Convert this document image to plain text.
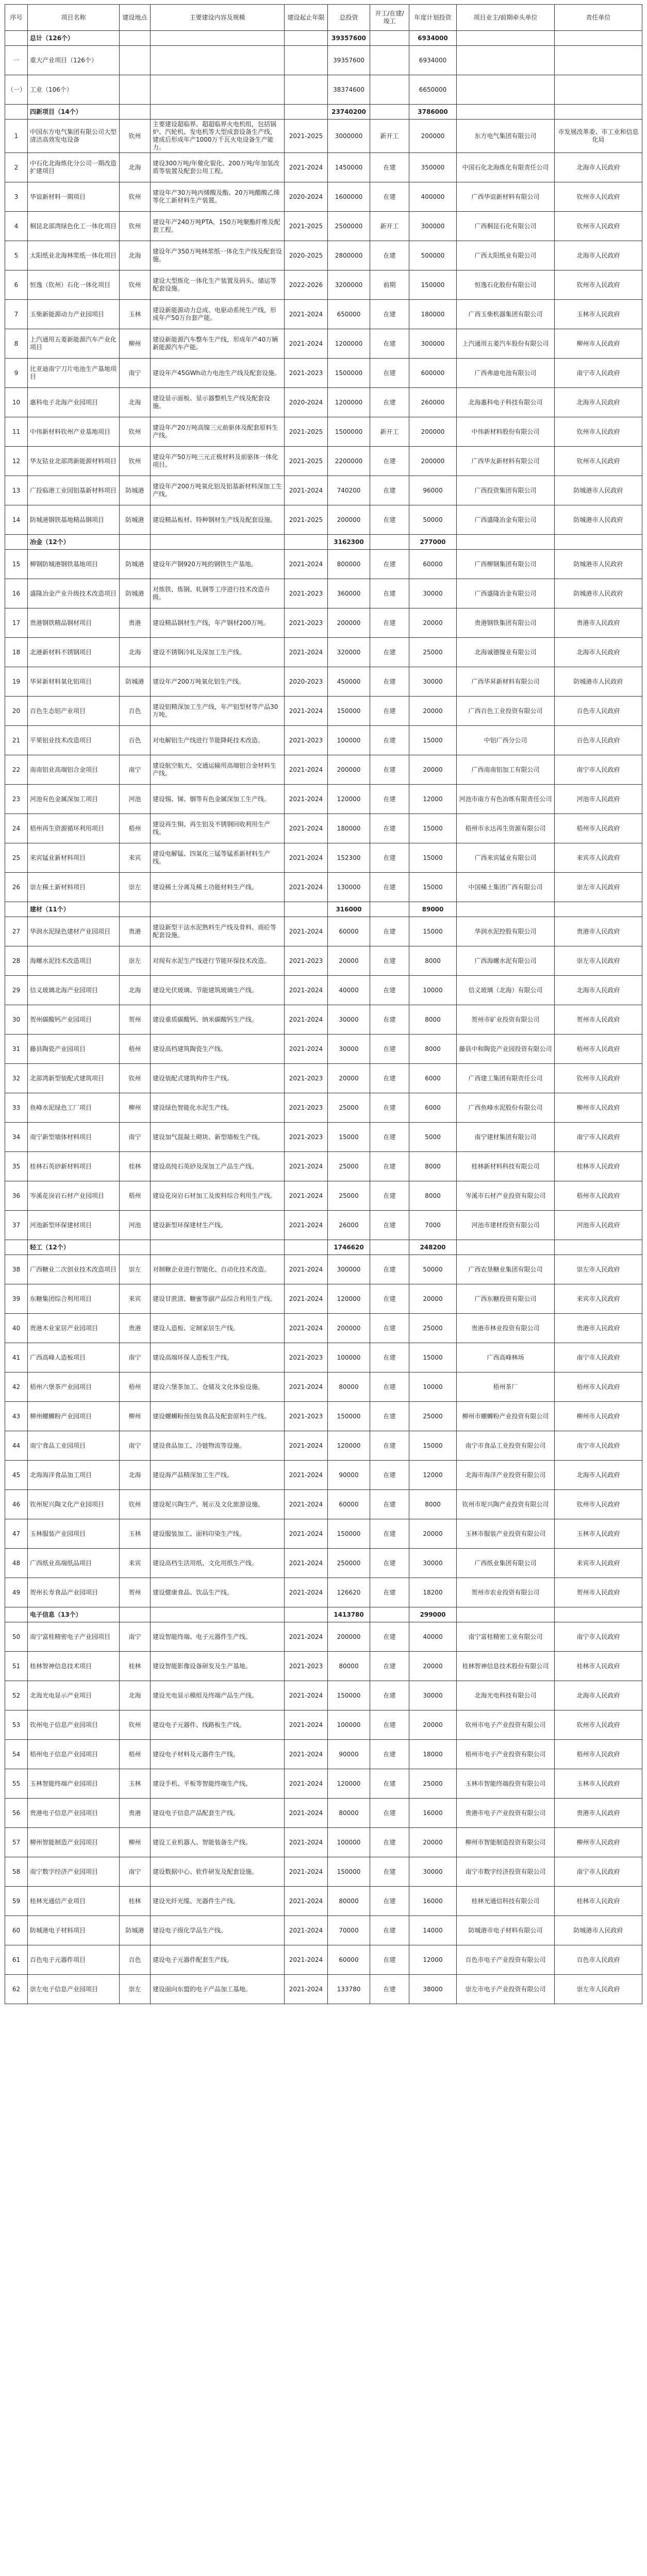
序号	项目名称	建设地点	主要建设内容及规模	建设起止年限	总投资	开工/在建/竣工	年度计划投资	项目业主/前期牵头单位	责任单位
	总计（126个）				39357600		6934000		
一	重大产业项目（126个）				39357600		6934000		
（一）	工业（106个）				38374600		6650000		
	四新项目（14个）				23740200		3786000		
1	中国东方电气集团有限公司大型清洁高效发电设备	钦州	主要建设超临界、超超临界火电机组，包括锅炉、汽轮机、发电机等大型成套设备生产线，建成后形成年产1000万千瓦火电设备生产能力。	2021-2025	3000000	新开工	200000	东方电气集团有限公司	市发展改革委、市工业和信息化局
2	中石化北海炼化分公司一期改造扩建项目	北海	建设300万吨/年催化裂化、200万吨/年加氢改质等装置及配套公用工程。	2021-2024	1450000	在建	350000	中国石化北海炼化有限责任公司	北海市人民政府
3	华谊新材料一期项目	钦州	建设年产30万吨丙烯酸及酯、20万吨醋酸乙烯等化工新材料生产装置。	2020-2024	1600000	在建	400000	广西华谊新材料有限公司	钦州市人民政府
4	桐昆北部湾绿色化工一体化项目	钦州	建设年产240万吨PTA、150万吨聚酯纤维及配套工程。	2021-2025	2500000	新开工	300000	广西桐昆石化有限公司	钦州市人民政府
5	太阳纸业北海林浆纸一体化项目	北海	建设年产350万吨林浆纸一体化生产线及配套设施。	2020-2025	2800000	在建	500000	广西太阳纸业有限公司	北海市人民政府
6	恒逸（钦州）石化一体化项目	钦州	建设大型炼化一体化生产装置及码头、储运等配套设施。	2022-2026	3200000	前期	150000	恒逸石化股份有限公司	钦州市人民政府
7	玉柴新能源动力产业园项目	玉林	建设新能源动力总成、电驱动系统生产线，形成年产50万台套产能。	2021-2024	650000	在建	180000	广西玉柴机器集团有限公司	玉林市人民政府
8	上汽通用五菱新能源汽车产业化项目	柳州	建设新能源汽车整车生产线，形成年产40万辆新能源汽车产能。	2021-2024	1200000	在建	300000	上汽通用五菱汽车股份有限公司	柳州市人民政府
9	比亚迪南宁刀片电池生产基地项目	南宁	建设年产45GWh动力电池生产线及配套设施。	2021-2023	1500000	在建	600000	广西弗迪电池有限公司	南宁市人民政府
10	惠科电子北海产业园项目	北海	建设显示面板、显示器整机生产线及配套设施。	2020-2024	1200000	在建	260000	北海惠科电子科技有限公司	北海市人民政府
11	中伟新材料钦州产业基地项目	钦州	建设年产20万吨高镍三元前驱体及配套原料生产线。	2021-2025	1500000	新开工	200000	中伟新材料股份有限公司	钦州市人民政府
12	华友钴业北部湾新能源材料项目	钦州	建设年产50万吨三元正极材料及前驱体一体化项目。	2021-2025	2200000	在建	200000	广西华友新材料有限公司	钦州市人民政府
13	广投临港工业园铝基新材料项目	防城港	建设年产200万吨氧化铝及铝基新材料深加工生产线。	2021-2024	740200	在建	96000	广西投资集团有限公司	防城港市人民政府
14	防城港钢铁基地精品钢项目	防城港	建设精品板材、特种钢材生产线及配套设施。	2021-2025	200000	在建	50000	广西盛隆冶金有限公司	防城港市人民政府
	冶金（12个）				3162300		277000		
15	柳钢防城港钢铁基地项目	防城港	建设年产钢920万吨的钢铁生产基地。	2021-2024	800000	在建	60000	广西柳钢集团有限公司	防城港市人民政府
16	盛隆冶金产业升级技术改造项目	防城港	对炼铁、炼钢、轧钢等工序进行技术改造升级。	2021-2023	360000	在建	30000	广西盛隆冶金有限公司	防城港市人民政府
17	贵港钢铁精品钢材项目	贵港	建设精品钢材生产线，年产钢材200万吨。	2021-2023	200000	在建	20000	贵港钢铁集团有限公司	贵港市人民政府
18	北港新材料不锈钢项目	北海	建设不锈钢冷轧及深加工生产线。	2021-2024	320000	在建	25000	北海诚德镍业有限公司	北海市人民政府
19	华昇新材料氧化铝项目	防城港	建设年产200万吨氧化铝生产线。	2020-2023	450000	在建	30000	广西华昇新材料有限公司	防城港市人民政府
20	百色生态铝产业项目	百色	建设铝精深加工生产线，年产铝型材等产品30万吨。	2021-2024	150000	在建	20000	广西百色工业投资有限公司	百色市人民政府
21	平果铝业技术改造项目	百色	对电解铝生产线进行节能降耗技术改造。	2021-2023	100000	在建	15000	中铝广西分公司	百色市人民政府
22	南南铝业高端铝合金项目	南宁	建设航空航天、交通运输用高端铝合金材料生产线。	2021-2024	200000	在建	20000	广西南南铝加工有限公司	南宁市人民政府
23	河池有色金属深加工项目	河池	建设锡、锑、铟等有色金属深加工生产线。	2021-2024	120000	在建	12000	河池市南方有色冶炼有限责任公司	河池市人民政府
24	梧州再生资源循环利用项目	梧州	建设再生铜、再生铝及不锈钢回收利用生产线。	2021-2024	180000	在建	15000	梧州市永达再生资源有限公司	梧州市人民政府
25	来宾锰业新材料项目	来宾	建设电解锰、四氧化三锰等锰系新材料生产线。	2021-2024	152300	在建	15000	广西来宾锰业有限公司	来宾市人民政府
26	崇左稀土新材料项目	崇左	建设稀土分离及稀土功能材料生产线。	2021-2024	130000	在建	15000	中国稀土集团广西有限公司	崇左市人民政府
	建材（11个）				316000		89000		
27	华润水泥绿色建材产业园项目	贵港	建设新型干法水泥熟料生产线及骨料、商砼等配套设施。	2021-2024	60000	在建	15000	华润水泥控股有限公司	贵港市人民政府
28	海螺水泥技术改造项目	崇左	对现有水泥生产线进行节能环保技术改造。	2021-2023	20000	在建	8000	广西海螺水泥有限公司	崇左市人民政府
29	信义玻璃北海产业园项目	北海	建设光伏玻璃、节能建筑玻璃生产线。	2021-2024	40000	在建	10000	信义玻璃（北海）有限公司	北海市人民政府
30	贺州碳酸钙产业园项目	贺州	建设重质碳酸钙、纳米碳酸钙生产线。	2021-2024	30000	在建	8000	贺州市矿业投资有限公司	贺州市人民政府
31	藤县陶瓷产业园项目	梧州	建设高档建筑陶瓷生产线。	2021-2024	30000	在建	8000	藤县中和陶瓷产业园投资有限公司	梧州市人民政府
32	北部湾新型装配式建筑项目	钦州	建设装配式建筑构件生产线。	2021-2023	20000	在建	6000	广西建工集团有限责任公司	钦州市人民政府
33	鱼峰水泥绿色工厂项目	柳州	建设绿色智能化水泥生产线。	2021-2023	25000	在建	6000	广西鱼峰水泥股份有限公司	柳州市人民政府
34	南宁新型墙体材料项目	南宁	建设加气混凝土砌块、新型墙板生产线。	2021-2023	15000	在建	5000	南宁建材集团有限公司	南宁市人民政府
35	桂林石英砂新材料项目	桂林	建设高纯石英砂及深加工产品生产线。	2021-2024	25000	在建	8000	桂林新材料科技有限公司	桂林市人民政府
36	岑溪花岗岩石材产业园项目	梧州	建设花岗岩石材加工及废料综合利用生产线。	2021-2024	25000	在建	8000	岑溪市石材产业投资有限公司	梧州市人民政府
37	河池新型环保建材项目	河池	建设新型环保建材生产线。	2021-2024	26000	在建	7000	河池市建材投资有限公司	河池市人民政府
	轻工（12个）				1746620		248200		
38	广西糖业二次创业技术改造项目	崇左	对制糖企业进行智能化、自动化技术改造。	2021-2024	300000	在建	50000	广西农垦糖业集团有限公司	崇左市人民政府
39	东糖集团综合利用项目	来宾	建设甘蔗渣、糖蜜等副产品综合利用生产线。	2021-2024	120000	在建	20000	广西东糖投资有限公司	来宾市人民政府
40	贵港木业家居产业园项目	贵港	建设人造板、定制家居生产线。	2021-2024	200000	在建	25000	贵港市林业投资有限公司	贵港市人民政府
41	广西高峰人造板项目	南宁	建设高端环保人造板生产线。	2021-2023	100000	在建	15000	广西高峰林场	南宁市人民政府
42	梧州六堡茶产业园项目	梧州	建设六堡茶加工、仓储及文化体验设施。	2021-2024	80000	在建	10000	梧州茶厂	梧州市人民政府
43	柳州螺蛳粉产业园项目	柳州	建设螺蛳粉预包装食品及配套原料生产线。	2021-2023	150000	在建	25000	柳州市螺蛳粉产业投资有限公司	柳州市人民政府
44	南宁食品工业园项目	南宁	建设食品加工、冷链物流等设施。	2021-2024	120000	在建	15000	南宁市食品工业投资有限公司	南宁市人民政府
45	北海海洋食品加工项目	北海	建设海产品精深加工生产线。	2021-2024	90000	在建	12000	北海市海洋产业投资有限公司	北海市人民政府
46	钦州坭兴陶文化产业园项目	钦州	建设坭兴陶生产、展示及文化旅游设施。	2021-2024	60000	在建	8000	钦州市坭兴陶产业投资有限公司	钦州市人民政府
47	玉林服装产业园项目	玉林	建设服装加工、面料印染生产线。	2021-2024	150000	在建	20000	玉林市服装产业投资有限公司	玉林市人民政府
48	广西纸业高端纸品项目	来宾	建设高档生活用纸、文化用纸生产线。	2021-2024	250000	在建	30000	广西纸业集团有限公司	来宾市人民政府
49	贺州长寿食品产业园项目	贺州	建设健康食品、饮品生产线。	2021-2024	126620	在建	18200	贺州市农业投资有限公司	贺州市人民政府
	电子信息（13个）				1413780		299000		
50	南宁富桂精密电子产业园项目	南宁	建设智能终端、电子元器件生产线。	2021-2024	200000	在建	40000	南宁富桂精密工业有限公司	南宁市人民政府
51	桂林智神信息技术项目	桂林	建设智能影像设备研发及生产基地。	2021-2023	80000	在建	20000	桂林智神信息技术股份有限公司	桂林市人民政府
52	北海光电显示产业项目	北海	建设光电显示模组及终端产品生产线。	2021-2024	150000	在建	30000	北海光电科技有限公司	北海市人民政府
53	钦州电子信息产业园项目	钦州	建设电子元器件、线路板生产线。	2021-2024	100000	在建	20000	钦州市电子产业投资有限公司	钦州市人民政府
54	梧州电子信息产业园项目	梧州	建设电子材料及元器件生产线。	2021-2024	90000	在建	18000	梧州市电子产业投资有限公司	梧州市人民政府
55	玉林智能终端产业园项目	玉林	建设手机、平板等智能终端生产线。	2021-2024	120000	在建	25000	玉林市智能终端投资有限公司	玉林市人民政府
56	贵港电子信息产业园项目	贵港	建设电子信息产品配套生产线。	2021-2024	80000	在建	16000	贵港市电子产业投资有限公司	贵港市人民政府
57	柳州智能制造产业园项目	柳州	建设工业机器人、智能装备生产线。	2021-2024	100000	在建	20000	柳州市智能制造投资有限公司	柳州市人民政府
58	南宁数字经济产业园项目	南宁	建设数据中心、软件研发及配套设施。	2021-2024	150000	在建	30000	南宁市数字经济投资有限公司	南宁市人民政府
59	桂林光通信产业项目	桂林	建设光纤光缆、光器件生产线。	2021-2024	80000	在建	16000	桂林光通信科技有限公司	桂林市人民政府
60	防城港电子材料项目	防城港	建设电子级化学品生产线。	2021-2024	70000	在建	14000	防城港市电子材料有限公司	防城港市人民政府
61	百色电子元器件项目	百色	建设电子元器件配套生产线。	2021-2024	60000	在建	12000	百色市电子产业投资有限公司	百色市人民政府
62	崇左电子信息产业园项目	崇左	建设面向东盟的电子产品加工基地。	2021-2024	133780	在建	38000	崇左市电子产业投资有限公司	崇左市人民政府
